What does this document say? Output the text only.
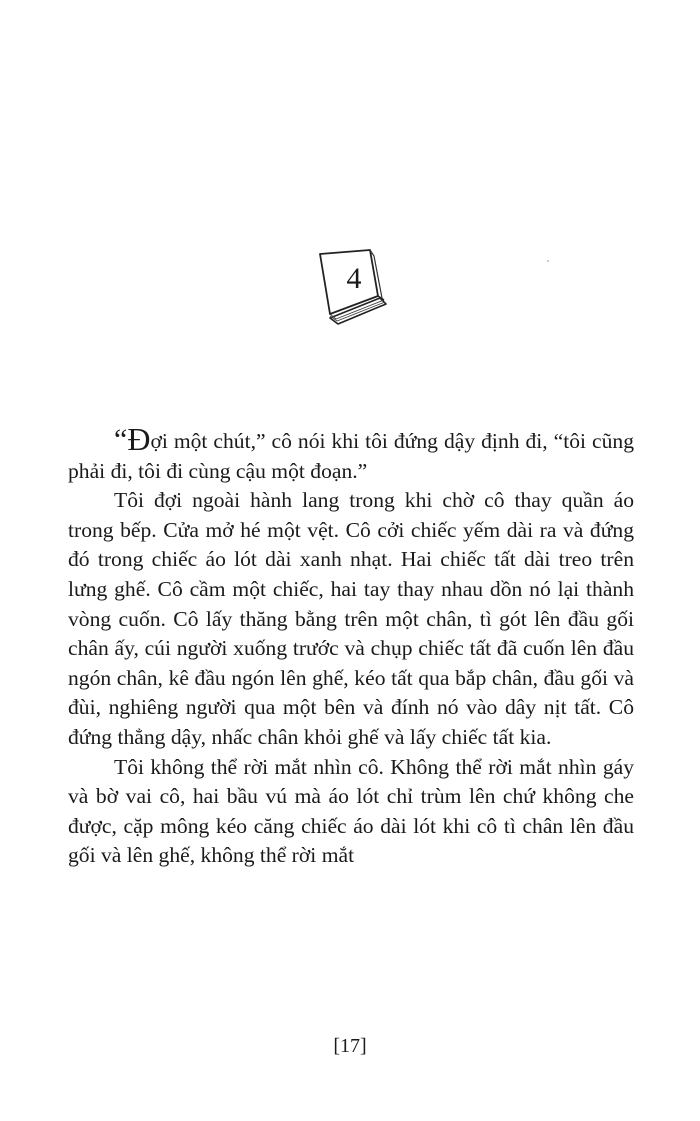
4

“Đợi một chút,” cô nói khi tôi đứng dậy định đi, “tôi cũng phải đi, tôi đi cùng cậu một đoạn.”

Tôi đợi ngoài hành lang trong khi chờ cô thay quần áo trong bếp. Cửa mở hé một vệt. Cô cởi chiếc yếm dài ra và đứng đó trong chiếc áo lót dài xanh nhạt. Hai chiếc tất dài treo trên lưng ghế. Cô cầm một chiếc, hai tay thay nhau dồn nó lại thành vòng cuốn. Cô lấy thăng bằng trên một chân, tì gót lên đầu gối chân ấy, cúi người xuống trước và chụp chiếc tất đã cuốn lên đầu ngón chân, kê đầu ngón lên ghế, kéo tất qua bắp chân, đầu gối và đùi, nghiêng người qua một bên và đính nó vào dây nịt tất. Cô đứng thẳng dậy, nhấc chân khỏi ghế và lấy chiếc tất kia.

Tôi không thể rời mắt nhìn cô. Không thể rời mắt nhìn gáy và bờ vai cô, hai bầu vú mà áo lót chỉ trùm lên chứ không che được, cặp mông kéo căng chiếc áo dài lót khi cô tì chân lên đầu gối và lên ghế, không thể rời mắt

[17]
